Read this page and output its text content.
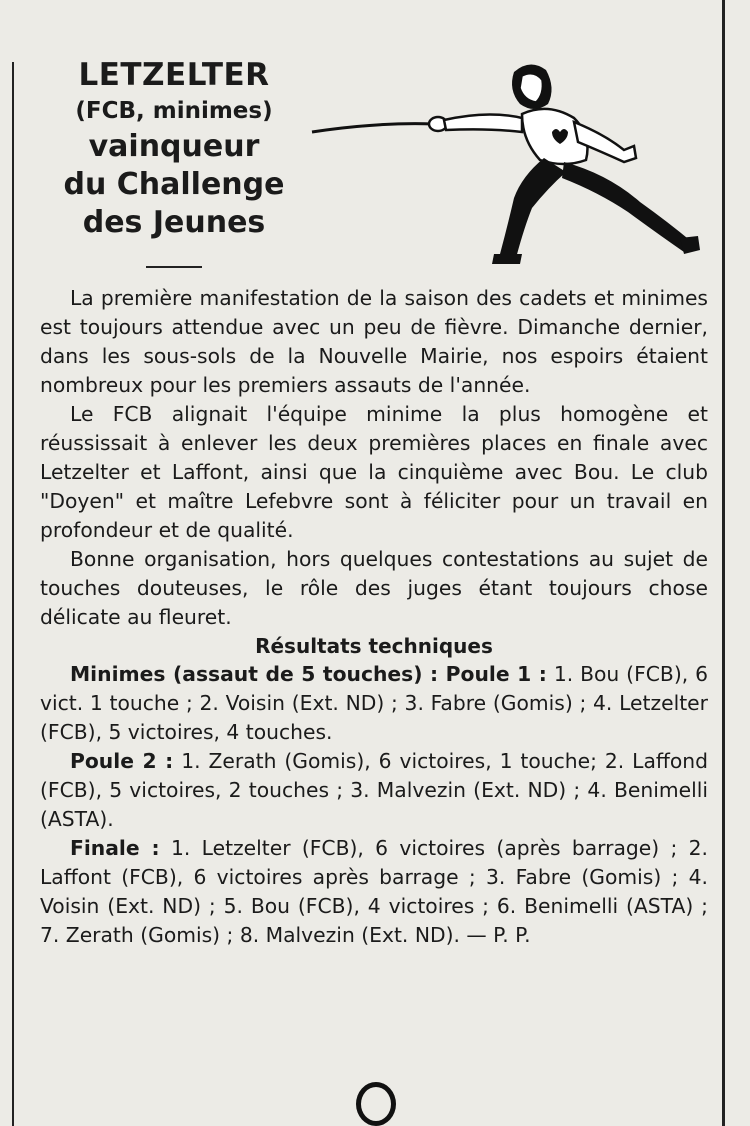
LETZELTER
(FCB, minimes)
vainqueur
du Challenge
des Jeunes

La première manifestation de la saison des cadets et minimes est toujours attendue avec un peu de fièvre. Dimanche dernier, dans les sous-sols de la Nouvelle Mairie, nos espoirs étaient nombreux pour les premiers assauts de l'année.

Le FCB alignait l'équipe minime la plus homogène et réussissait à enlever les deux premières places en finale avec Letzelter et Laffont, ainsi que la cinquième avec Bou. Le club "Doyen" et maître Lefebvre sont à féliciter pour un travail en profondeur et de qualité.

Bonne organisation, hors quelques contestations au sujet de touches douteuses, le rôle des juges étant toujours chose délicate au fleuret.

Résultats techniques

Minimes (assaut de 5 touches) : Poule 1 : 1. Bou (FCB), 6 vict. 1 touche ; 2. Voisin (Ext. ND) ; 3. Fabre (Gomis) ; 4. Letzelter (FCB), 5 victoires, 4 touches.

Poule 2 : 1. Zerath (Gomis), 6 victoires, 1 touche; 2. Laffond (FCB), 5 victoires, 2 touches ; 3. Malvezin (Ext. ND) ; 4. Benimelli (ASTA).

Finale : 1. Letzelter (FCB), 6 victoires (après barrage) ; 2. Laffont (FCB), 6 victoires après barrage ; 3. Fabre (Gomis) ; 4. Voisin (Ext. ND) ; 5. Bou (FCB), 4 victoires ; 6. Benimelli (ASTA) ; 7. Zerath (Gomis) ; 8. Malvezin (Ext. ND). — P. P.
